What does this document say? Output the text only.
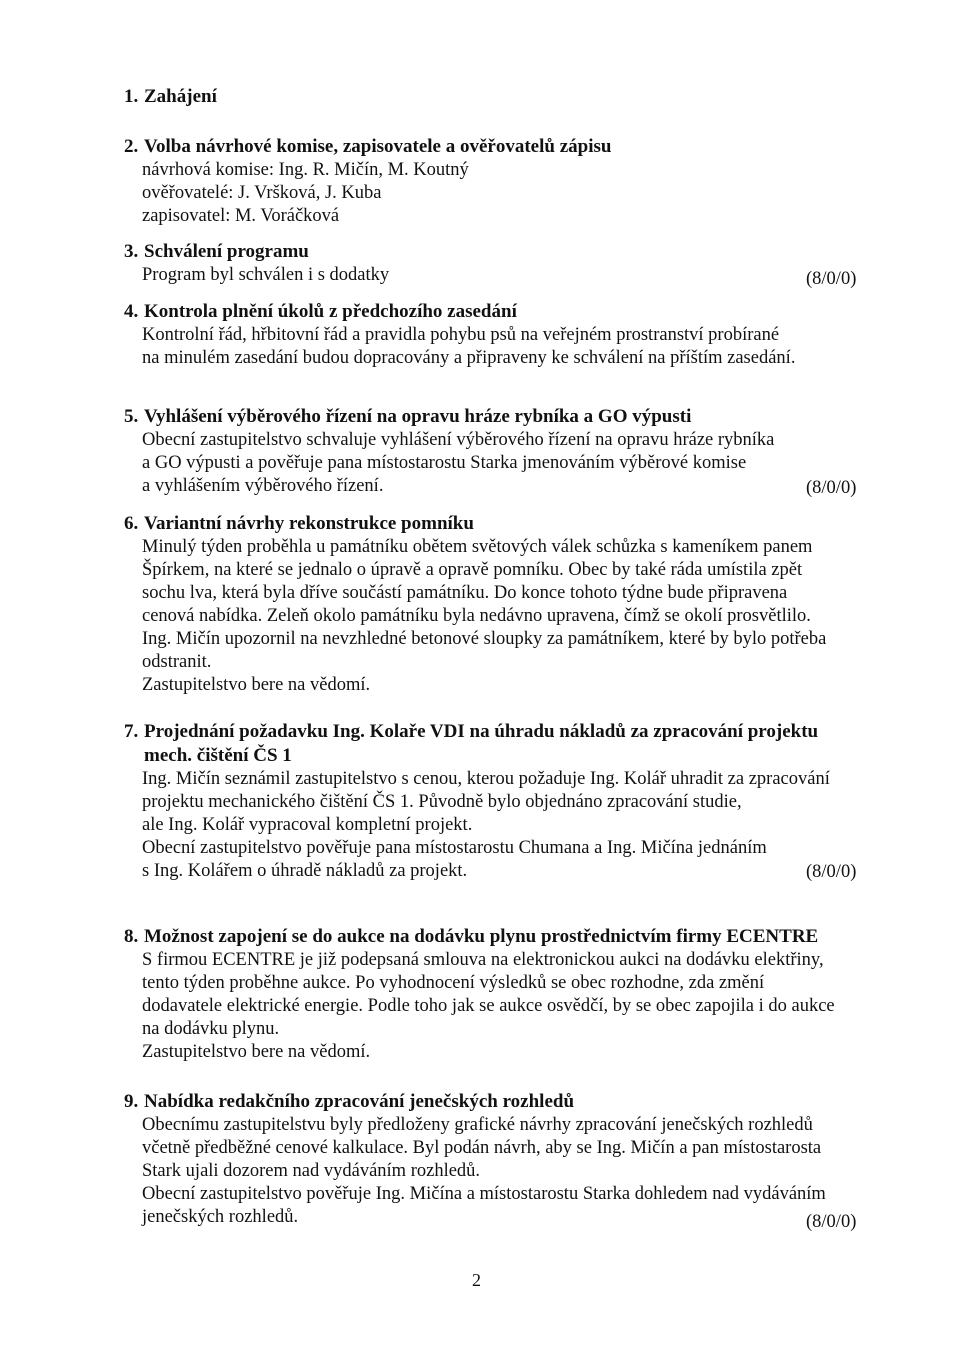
1. Zahájení
2. Volba návrhové komise, zapisovatele a ověřovatelů zápisu
návrhová komise: Ing. R. Mičín, M. Koutný
ověřovatelé: J. Vršková, J. Kuba
zapisovatel: M. Voráčková
3. Schválení programu
Program byl schválen i s dodatky	(8/0/0)
4. Kontrola plnění úkolů z předchozího zasedání
Kontrolní řád, hřbitovní řád a pravidla pohybu psů na veřejném prostranství probírané
na minulém zasedání budou dopracovány a připraveny ke schválení na příštím zasedání.
5. Vyhlášení výběrového řízení na opravu hráze rybníka a GO výpusti
Obecní zastupitelstvo schvaluje vyhlášení výběrového řízení na opravu hráze rybníka
a GO výpusti a pověřuje pana místostarostu Starka jmenováním výběrové komise
a vyhlášením výběrového řízení.	(8/0/0)
6. Variantní návrhy rekonstrukce pomníku
Minulý týden proběhla u památníku obětem světových válek schůzka s kameníkem panem
Špírkem, na které se jednalo o úpravě a opravě pomníku. Obec by také ráda umístila zpět
sochu lva, která byla dříve součástí památníku. Do konce tohoto týdne bude připravena
cenová nabídka. Zeleň okolo památníku byla nedávno upravena, čímž se okolí prosvětlilo.
Ing. Mičín upozornil na nevzhledné betonové sloupky za památníkem, které by bylo potřeba
odstranit.
Zastupitelstvo bere na vědomí.
7. Projednání požadavku Ing. Kolaře VDI na úhradu nákladů za zpracování projektu
mech. čištění ČS 1
Ing. Mičín seznámil zastupitelstvo s cenou, kterou požaduje Ing. Kolář uhradit za zpracování
projektu mechanického čištění ČS 1. Původně bylo objednáno zpracování studie,
ale Ing. Kolář vypracoval kompletní projekt.
Obecní zastupitelstvo pověřuje pana místostarostu Chumana a Ing. Mičína jednáním
s Ing. Kolářem o úhradě nákladů za projekt.	(8/0/0)
8. Možnost zapojení se do aukce na dodávku plynu prostřednictvím firmy ECENTRE
S firmou ECENTRE je již podepsaná smlouva na elektronickou aukci na dodávku elektřiny,
tento týden proběhne aukce. Po vyhodnocení výsledků se obec rozhodne, zda změní
dodavatele elektrické energie. Podle toho jak se aukce osvědčí, by se obec zapojila i do aukce
na dodávku plynu.
Zastupitelstvo bere na vědomí.
9. Nabídka redakčního zpracování jenečských rozhledů
Obecnímu zastupitelstvu byly předloženy grafické návrhy zpracování jenečských rozhledů
včetně předběžné cenové kalkulace. Byl podán návrh, aby se Ing. Mičín a pan místostarosta
Stark ujali dozorem nad vydáváním rozhledů.
Obecní zastupitelstvo pověřuje Ing. Mičína a místostarostu Starka dohledem nad vydáváním
jenečských rozhledů.	(8/0/0)
2
